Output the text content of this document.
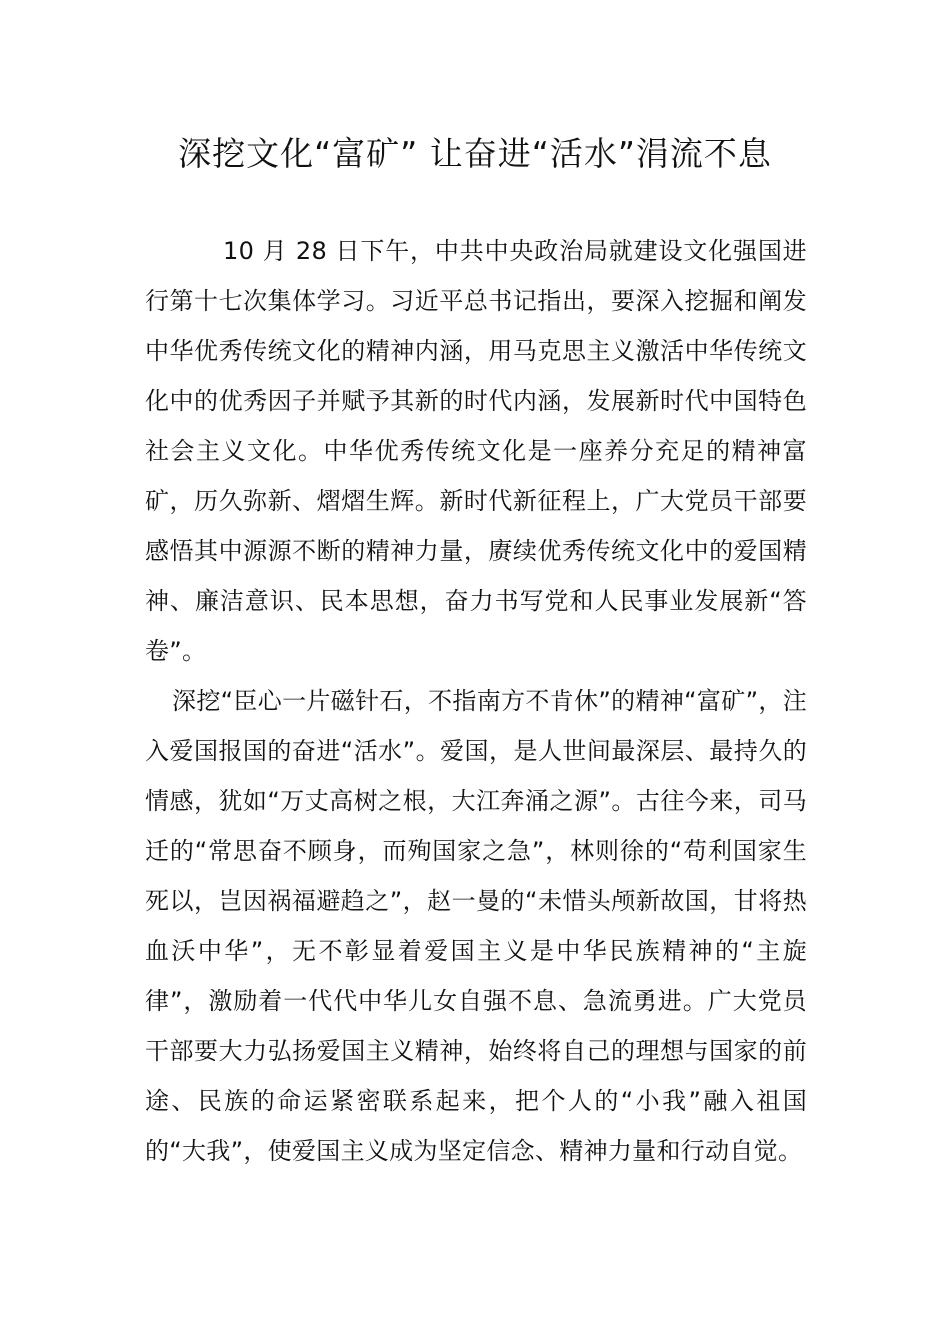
深挖文化“富矿” 让奋进“活水”涓流不息

10 月 28 日下午，中共中央政治局就建设文化强国进行第十七次集体学习。习近平总书记指出，要深入挖掘和阐发中华优秀传统文化的精神内涵，用马克思主义激活中华传统文化中的优秀因子并赋予其新的时代内涵，发展新时代中国特色社会主义文化。中华优秀传统文化是一座养分充足的精神富矿，历久弥新、熠熠生辉。新时代新征程上，广大党员干部要感悟其中源源不断的精神力量，赓续优秀传统文化中的爱国精神、廉洁意识、民本思想，奋力书写党和人民事业发展新“答卷”。

深挖“臣心一片磁针石，不指南方不肯休”的精神“富矿”，注入爱国报国的奋进“活水”。爱国，是人世间最深层、最持久的情感，犹如“万丈高树之根，大江奔涌之源”。古往今来，司马迁的“常思奋不顾身，而殉国家之急”，林则徐的“苟利国家生死以，岂因祸福避趋之”，赵一曼的“未惜头颅新故国，甘将热血沃中华”，无不彰显着爱国主义是中华民族精神的“主旋律”，激励着一代代中华儿女自强不息、急流勇进。广大党员干部要大力弘扬爱国主义精神，始终将自己的理想与国家的前途、民族的命运紧密联系起来，把个人的“小我”融入祖国的“大我”，使爱国主义成为坚定信念、精神力量和行动自觉。
